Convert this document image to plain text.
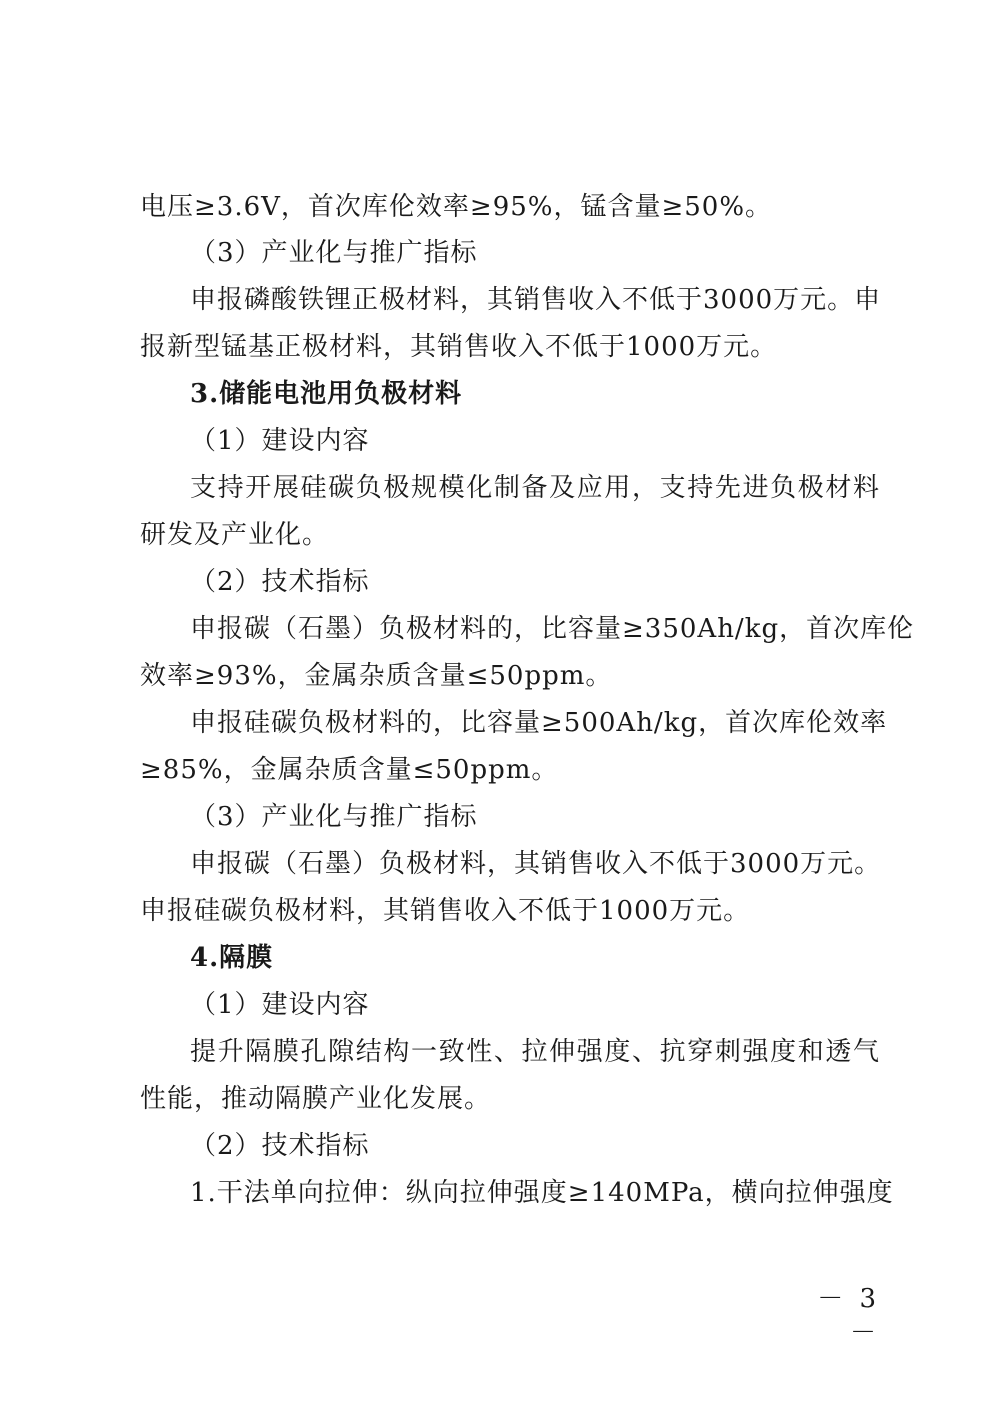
电压≥3.6V，首次库伦效率≥95%，锰含量≥50%。
（3）产业化与推广指标
申报磷酸铁锂正极材料，其销售收入不低于3000万元。申
报新型锰基正极材料，其销售收入不低于1000万元。
3.储能电池用负极材料
（1）建设内容
支持开展硅碳负极规模化制备及应用，支持先进负极材料
研发及产业化。
（2）技术指标
申报碳（石墨）负极材料的，比容量≥350Ah/kg，首次库伦
效率≥93%，金属杂质含量≤50ppm。
申报硅碳负极材料的，比容量≥500Ah/kg，首次库伦效率
≥85%，金属杂质含量≤50ppm。
（3）产业化与推广指标
申报碳（石墨）负极材料，其销售收入不低于3000万元。
申报硅碳负极材料，其销售收入不低于1000万元。
4.隔膜
（1）建设内容
提升隔膜孔隙结构一致性、拉伸强度、抗穿刺强度和透气
性能，推动隔膜产业化发展。
（2）技术指标
1.干法单向拉伸：纵向拉伸强度≥140MPa，横向拉伸强度
－ 3 －
